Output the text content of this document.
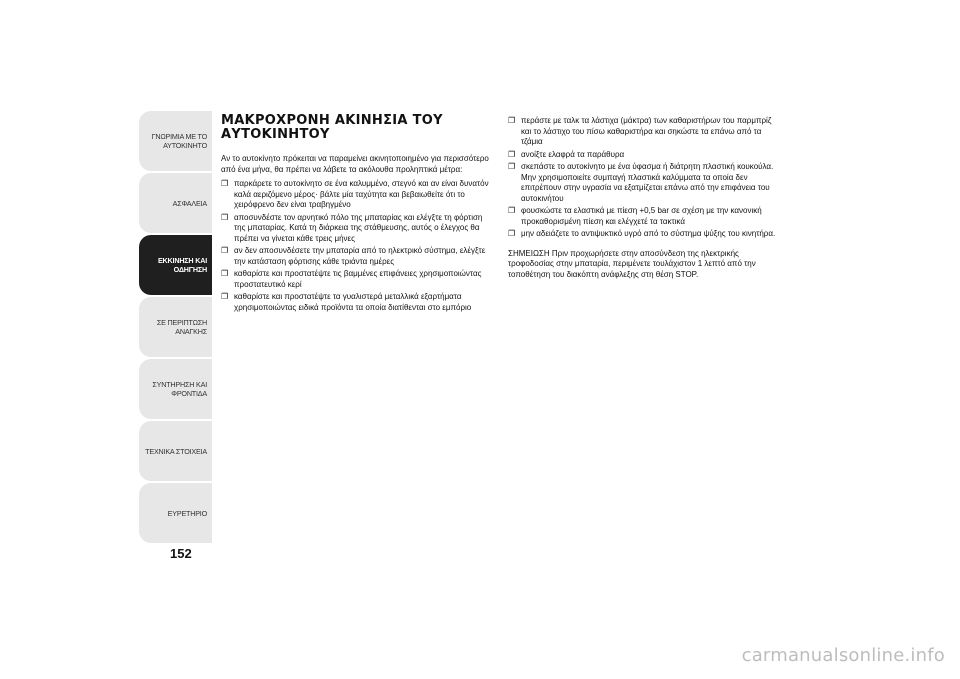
ΓΝΩΡΙΜΙΑ ΜΕ ΤΟ
ΑΥΤΟΚΙΝΗΤΟ
ΑΣΦΑΛΕΙΑ
ΕΚΚΙΝΗΣΗ ΚΑΙ
ΟΔΗΓΗΣΗ
ΣΕ ΠΕΡΙΠΤΩΣΗ
ΑΝΑΓΚΗΣ
ΣΥΝΤΗΡΗΣΗ ΚΑΙ
ΦΡΟΝΤΙΔΑ
ΤΕΧΝΙΚΑ ΣΤΟΙΧΕΙΑ
ΕΥΡΕΤΗΡΙΟ
152
ΜΑΚΡΟΧΡΟΝΗ ΑΚΙΝΗΣΙΑ ΤΟΥ ΑΥΤΟΚΙΝΗΤΟΥ

Αν το αυτοκίνητο πρόκειται να παραμείνει ακινητοποιημένο για περισσότερο από ένα μήνα, θα πρέπει να λάβετε τα ακόλουθα προληπτικά μέτρα:

❐ παρκάρετε το αυτοκίνητο σε ένα καλυμμένο, στεγνό και αν είναι δυνατόν καλά αεριζόμενο μέρος· βάλτε μία ταχύτητα και βεβαιωθείτε ότι το χειρόφρενο δεν είναι τραβηγμένο
❐ αποσυνδέστε τον αρνητικό πόλο της μπαταρίας και ελέγξτε τη φόρτιση της μπαταρίας. Κατά τη διάρκεια της στάθμευσης, αυτός ο έλεγχος θα πρέπει να γίνεται κάθε τρεις μήνες
❐ αν δεν αποσυνδέσετε την μπαταρία από το ηλεκτρικό σύστημα, ελέγξτε την κατάσταση φόρτισης κάθε τριάντα ημέρες
❐ καθαρίστε και προστατέψτε τις βαμμένες επιφάνειες χρησιμοποιώντας προστατευτικό κερί
❐ καθαρίστε και προστατέψτε τα γυαλιστερά μεταλλικά εξαρτήματα χρησιμοποιώντας ειδικά προϊόντα τα οποία διατίθενται στο εμπόριο
❐ περάστε με ταλκ τα λάστιχα (μάκτρα) των καθαριστήρων του παρμπρίζ και το λάστιχο του πίσω καθαριστήρα και σηκώστε τα επάνω από τα τζάμια
❐ ανοίξτε ελαφρά τα παράθυρα
❐ σκεπάστε το αυτοκίνητο με ένα ύφασμα ή διάτρητη πλαστική κουκούλα. Μην χρησιμοποιείτε συμπαγή πλαστικά καλύμματα τα οποία δεν επιτρέπουν στην υγρασία να εξατμίζεται επάνω από την επιφάνεια του αυτοκινήτου
❐ φουσκώστε τα ελαστικά με πίεση +0,5 bar σε σχέση με την κανονική προκαθορισμένη πίεση και ελέγχετέ τα τακτικά
❐ μην αδειάζετε το αντιψυκτικό υγρό από το σύστημα ψύξης του κινητήρα.

ΣΗΜΕΙΩΣΗ Πριν προχωρήσετε στην αποσύνδεση της ηλεκτρικής τροφοδοσίας στην μπαταρία, περιμένετε τουλάχιστον 1 λεπτό από την τοποθέτηση του διακόπτη ανάφλεξης στη θέση STOP.

carmanualsonline.info
